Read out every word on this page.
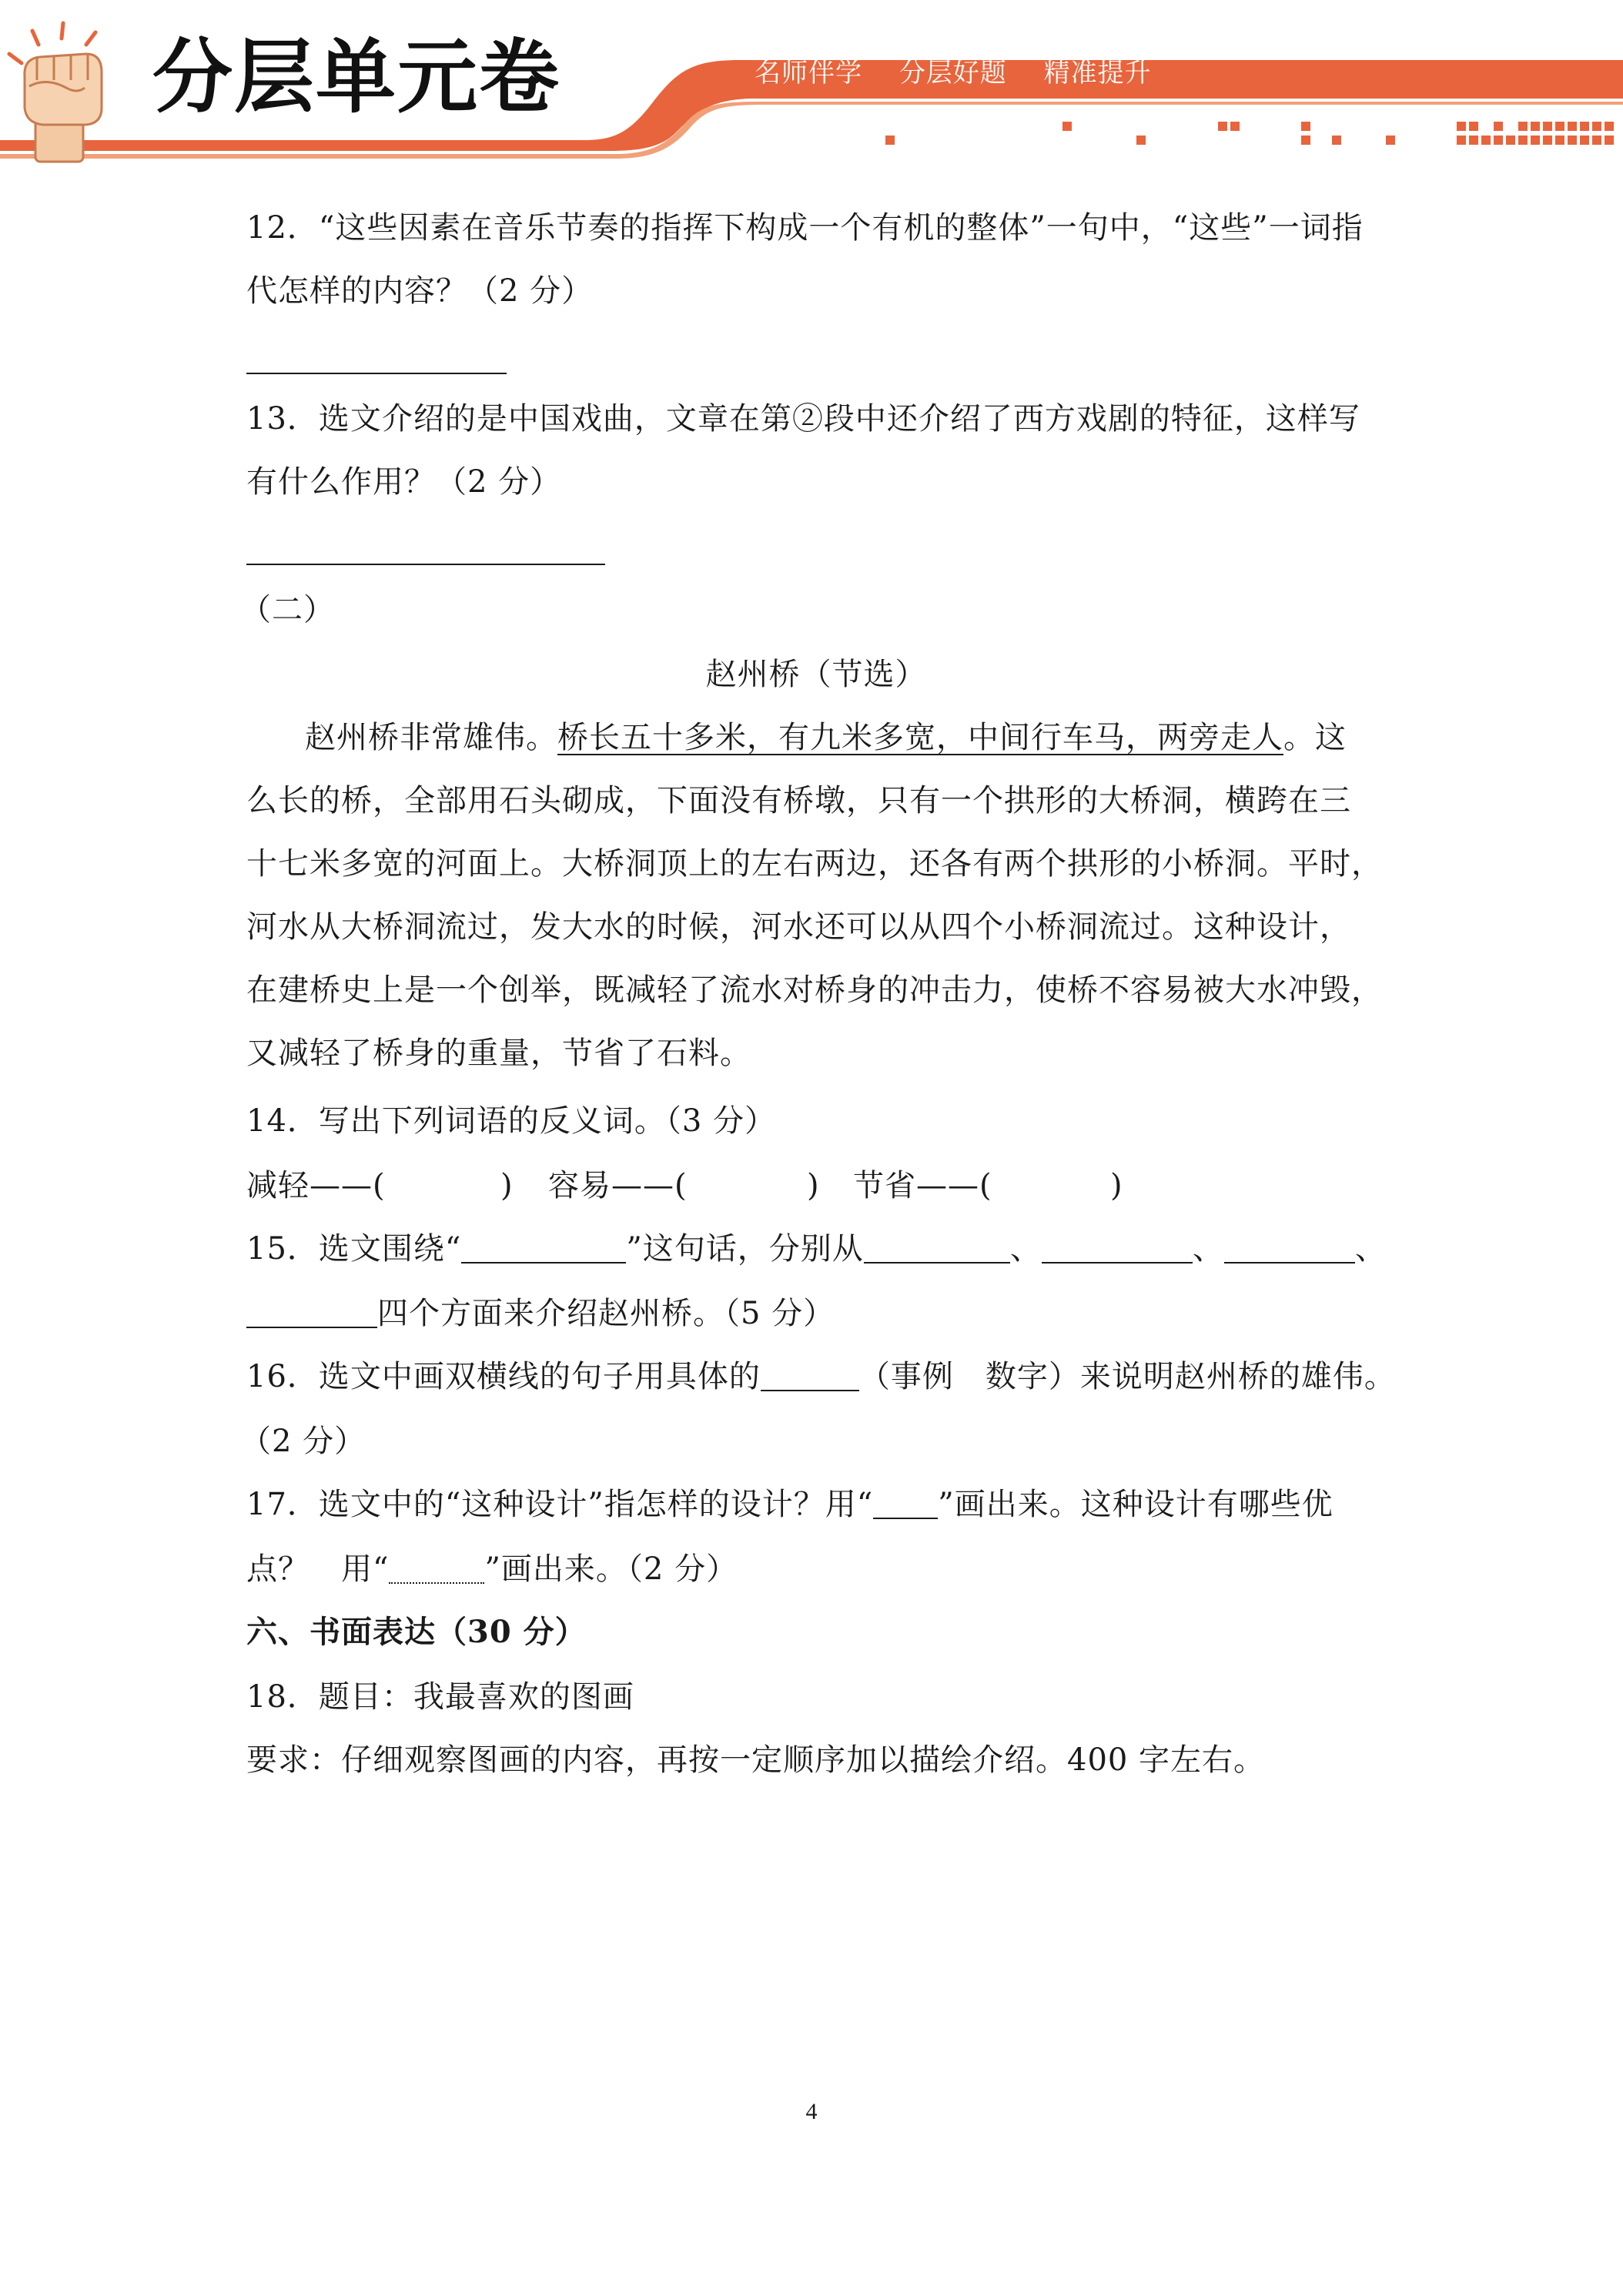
分层单元卷	名师伴学 分层好题 精准提升
12．“这些因素在音乐节奏的指挥下构成一个有机的整体”一句中，“这些”一词指
代怎样的内容？（2 分）
13．选文介绍的是中国戏曲，文章在第②段中还介绍了西方戏剧的特征，这样写
有什么作用？（2 分）
（二）
赵州桥（节选）
赵州桥非常雄伟。桥长五十多米，有九米多宽，中间行车马，两旁走人。这
么长的桥，全部用石头砌成，下面没有桥墩，只有一个拱形的大桥洞，横跨在三
十七米多宽的河面上。大桥洞顶上的左右两边，还各有两个拱形的小桥洞。平时，
河水从大桥洞流过，发大水的时候，河水还可以从四个小桥洞流过。这种设计，
在建桥史上是一个创举，既减轻了流水对桥身的冲击力，使桥不容易被大水冲毁，
又减轻了桥身的重量，节省了石料。
14．写出下列词语的反义词。（3 分）
减轻——(	) 容易——(	) 节省——(	)
15．选文围绕“	”这句话，分别从	、	、	、
四个方面来介绍赵州桥。（5 分）
16．选文中画双横线的句子用具体的	（事例　数字）来说明赵州桥的雄伟。
（2 分）
17．选文中的“这种设计”指怎样的设计？用“ ”画出来。这种设计有哪些优
点？　用“	”画出来。（2 分）
六、书面表达（30 分）
18．题目：我最喜欢的图画
要求：仔细观察图画的内容，再按一定顺序加以描绘介绍。400 字左右。
4
